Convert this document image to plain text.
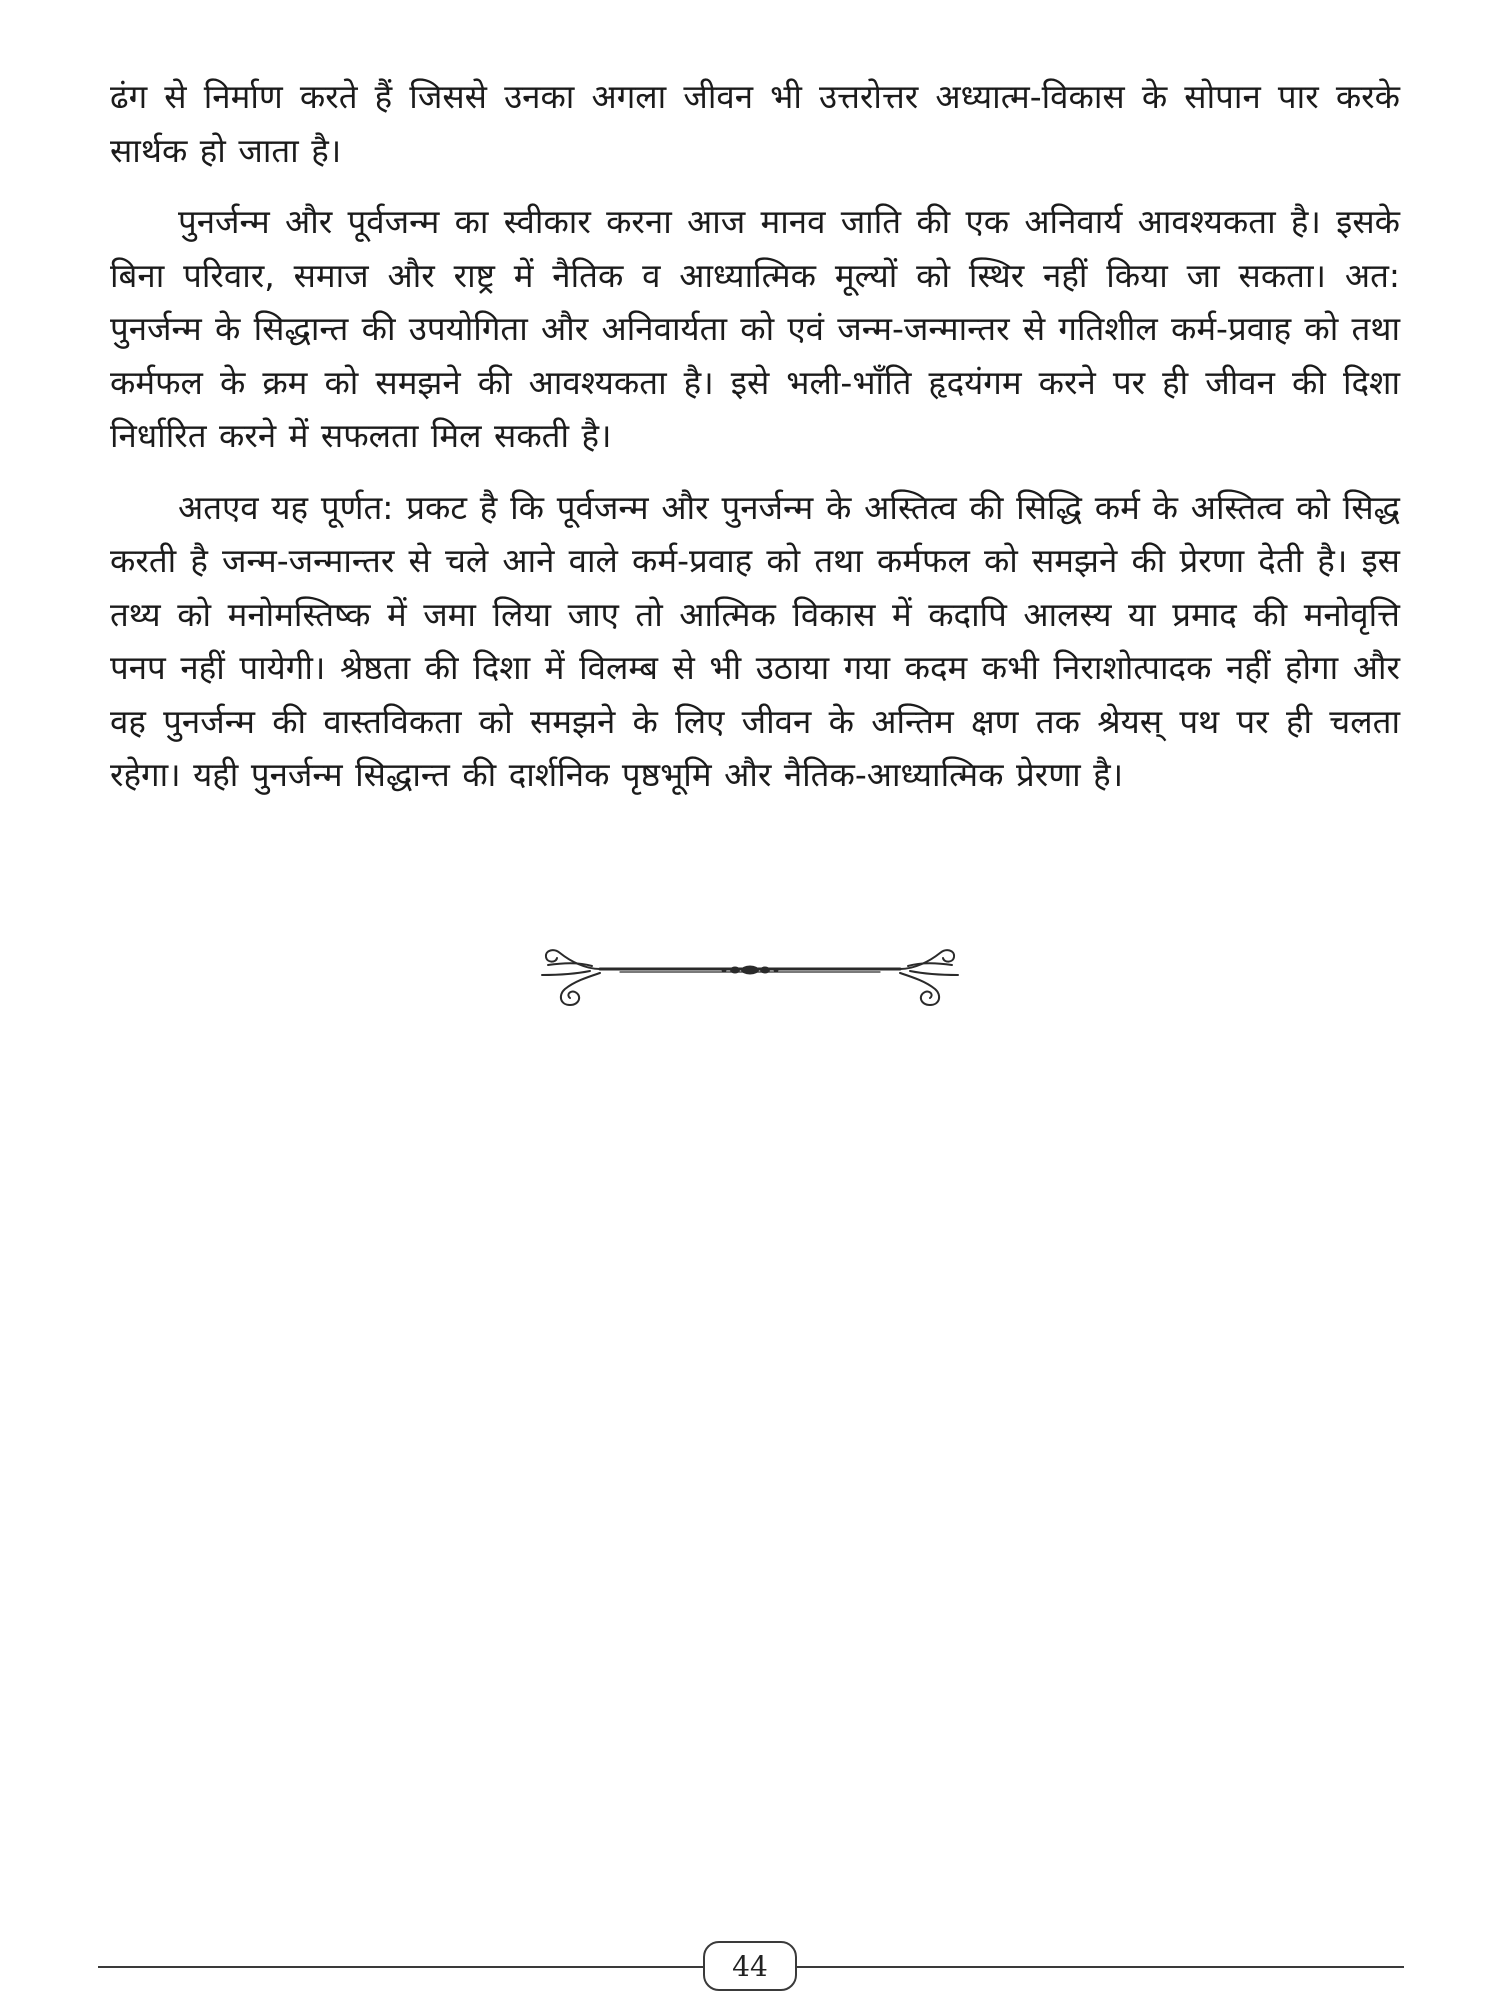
ढंग से निर्माण करते हैं जिससे उनका अगला जीवन भी उत्तरोत्तर अध्यात्म-विकास के सोपान पार करके सार्थक हो जाता है।

पुनर्जन्म और पूर्वजन्म का स्वीकार करना आज मानव जाति की एक अनिवार्य आवश्यकता है। इसके बिना परिवार, समाज और राष्ट्र में नैतिक व आध्यात्मिक मूल्यों को स्थिर नहीं किया जा सकता। अत: पुनर्जन्म के सिद्धान्त की उपयोगिता और अनिवार्यता को एवं जन्म-जन्मान्तर से गतिशील कर्म-प्रवाह को तथा कर्मफल के क्रम को समझने की आवश्यकता है। इसे भली-भाँति हृदयंगम करने पर ही जीवन की दिशा निर्धारित करने में सफलता मिल सकती है।

अतएव यह पूर्णत: प्रकट है कि पूर्वजन्म और पुनर्जन्म के अस्तित्व की सिद्धि कर्म के अस्तित्व को सिद्ध करती है जन्म-जन्मान्तर से चले आने वाले कर्म-प्रवाह को तथा कर्मफल को समझने की प्रेरणा देती है। इस तथ्य को मनोमस्तिष्क में जमा लिया जाए तो आत्मिक विकास में कदापि आलस्य या प्रमाद की मनोवृत्ति पनप नहीं पायेगी। श्रेष्ठता की दिशा में विलम्ब से भी उठाया गया कदम कभी निराशोत्पादक नहीं होगा और वह पुनर्जन्म की वास्तविकता को समझने के लिए जीवन के अन्तिम क्षण तक श्रेयस् पथ पर ही चलता रहेगा। यही पुनर्जन्म सिद्धान्त की दार्शनिक पृष्ठभूमि और नैतिक-आध्यात्मिक प्रेरणा है।

44
